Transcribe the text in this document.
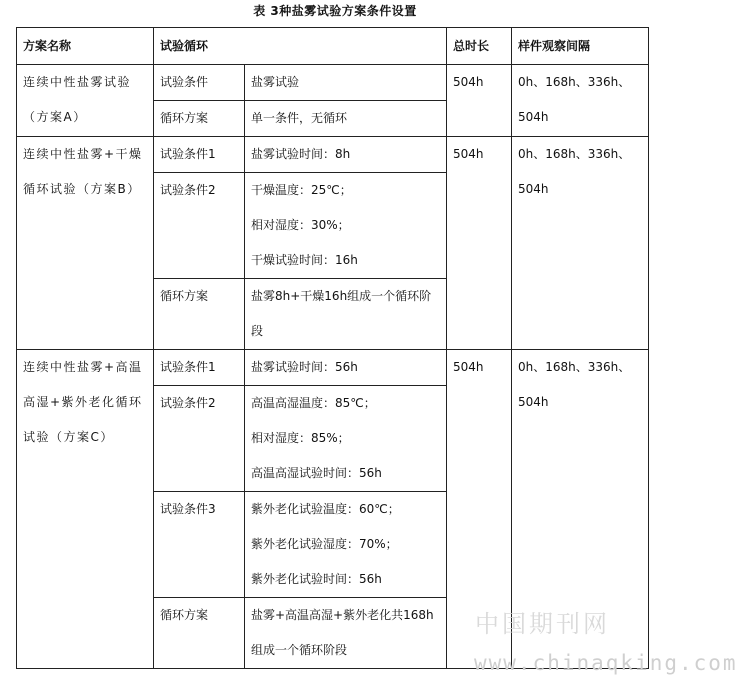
表 3种盐雾试验方案条件设置
方案名称	试验循环		总时长	样件观察间隔
连续中性盐雾试验（方案A）	试验条件	盐雾试验	504h	0h、168h、336h、504h
	循环方案	单一条件，无循环		
连续中性盐雾+干燥循环试验（方案B）	试验条件1	盐雾试验时间：8h	504h	0h、168h、336h、504h
	试验条件2	干燥温度：25℃；
相对湿度：30%；
干燥试验时间：16h		

	循环方案	盐雾8h+干燥16h组成一个循环阶段		
连续中性盐雾+高温高湿+紫外老化循环试验（方案C）	试验条件1	盐雾试验时间：56h	504h	0h、168h、336h、504h
	试验条件2	高温高湿温度：85℃；
相对湿度：85%；
高温高湿试验时间：56h		

	试验条件3	紫外老化试验温度：60℃；
紫外老化试验湿度：70%；
紫外老化试验时间：56h		

	循环方案	盐雾+高温高湿+紫外老化共168h组成一个循环阶段		
中国期刊网
www.chinaqking.com
